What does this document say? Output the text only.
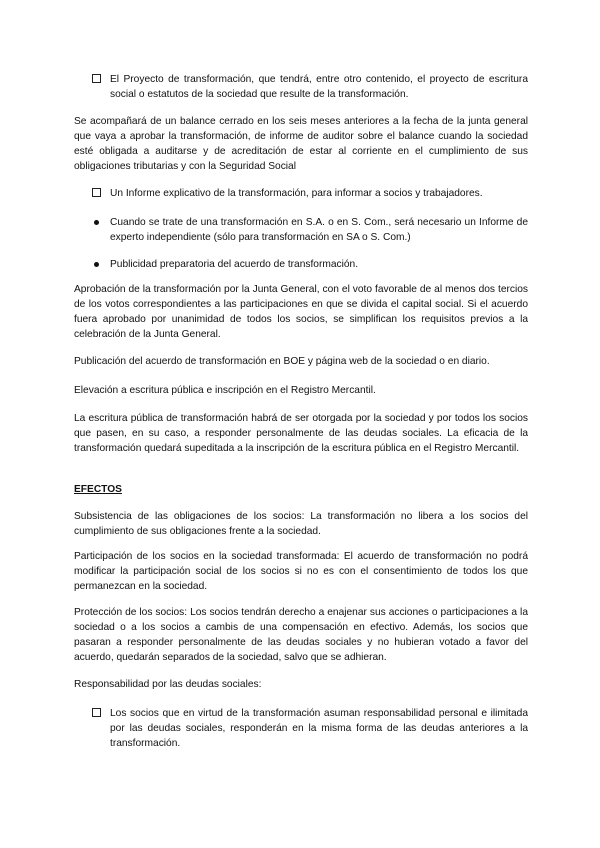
El Proyecto de transformación, que tendrá, entre otro contenido, el proyecto de escritura social o estatutos de la sociedad que resulte de la transformación.

Se acompañará de un balance cerrado en los seis meses anteriores a la fecha de la junta general que vaya a aprobar la transformación, de informe de auditor sobre el balance cuando la sociedad esté obligada a auditarse y de acreditación de estar al corriente en el cumplimiento de sus obligaciones tributarias y con la Seguridad Social

Un Informe explicativo de la transformación, para informar a socios y trabajadores.
Cuando se trate de una transformación en S.A. o en S. Com., será necesario un Informe de experto independiente (sólo para transformación en SA o S. Com.)
Publicidad preparatoria del acuerdo de transformación.

Aprobación de la transformación por la Junta General, con el voto favorable de al menos dos tercios de los votos correspondientes a las participaciones en que se divida el capital social. Si el acuerdo fuera aprobado por unanimidad de todos los socios, se simplifican los requisitos previos a la celebración de la Junta General.

Publicación del acuerdo de transformación en BOE y página web de la sociedad o en diario.

Elevación a escritura pública e inscripción en el Registro Mercantil.

La escritura pública de transformación habrá de ser otorgada por la sociedad y por todos los socios que pasen, en su caso, a responder personalmente de las deudas sociales. La eficacia de la transformación quedará supeditada a la inscripción de la escritura pública en el Registro Mercantil.

EFECTOS

Subsistencia de las obligaciones de los socios: La transformación no libera a los socios del cumplimiento de sus obligaciones frente a la sociedad.

Participación de los socios en la sociedad transformada: El acuerdo de transformación no podrá modificar la participación social de los socios si no es con el consentimiento de todos los que permanezcan en la sociedad.

Protección de los socios: Los socios tendrán derecho a enajenar sus acciones o participaciones a la sociedad o a los socios a cambis de una compensación en efectivo. Además, los socios que pasaran a responder personalmente de las deudas sociales y no hubieran votado a favor del acuerdo, quedarán separados de la sociedad, salvo que se adhieran.

Responsabilidad por las deudas sociales:

Los socios que en virtud de la transformación asuman responsabilidad personal e ilimitada por las deudas sociales, responderán en la misma forma de las deudas anteriores a la transformación.
